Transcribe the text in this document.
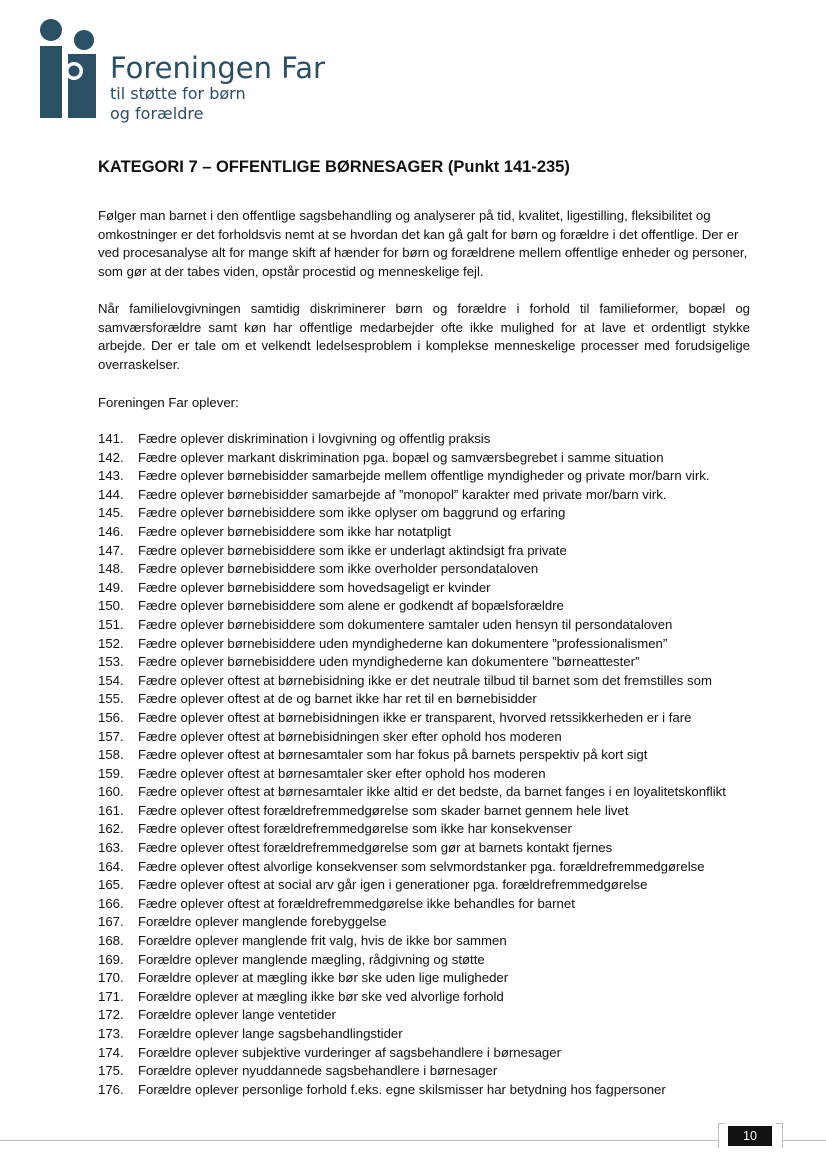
Foreningen Far
til støtte for børn
og forældre
KATEGORI 7 – OFFENTLIGE BØRNESAGER (Punkt 141-235)

Følger man barnet i den offentlige sagsbehandling og analyserer på tid, kvalitet, ligestilling, fleksibilitet og omkostninger er det forholdsvis nemt at se hvordan det kan gå galt for børn og forældre i det offentlige. Der er ved procesanalyse alt for mange skift af hænder for børn og forældrene mellem offentlige enheder og personer, som gør at der tabes viden, opstår procestid og menneskelige fejl.

Når familielovgivningen samtidig diskriminerer børn og forældre i forhold til familieformer, bopæl og samværsforældre samt køn har offentlige medarbejder ofte ikke mulighed for at lave et ordentligt stykke arbejde. Der er tale om et velkendt ledelsesproblem i komplekse menneskelige processer med forudsigelige overraskelser.

Foreningen Far oplever:

141.	Fædre oplever diskrimination i lovgivning og offentlig praksis
142.	Fædre oplever markant diskrimination pga. bopæl og samværsbegrebet i samme situation
143.	Fædre oplever børnebisidder samarbejde mellem offentlige myndigheder og private mor/barn virk.
144.	Fædre oplever børnebisidder samarbejde af ”monopol” karakter med private mor/barn virk.
145.	Fædre oplever børnebisiddere som ikke oplyser om baggrund og erfaring
146.	Fædre oplever børnebisiddere som ikke har notatpligt
147.	Fædre oplever børnebisiddere som ikke er underlagt aktindsigt fra private
148.	Fædre oplever børnebisiddere som ikke overholder persondataloven
149.	Fædre oplever børnebisiddere som hovedsageligt er kvinder
150.	Fædre oplever børnebisiddere som alene er godkendt af bopælsforældre
151.	Fædre oplever børnebisiddere som dokumentere samtaler uden hensyn til persondataloven
152.	Fædre oplever børnebisiddere uden myndighederne kan dokumentere ”professionalismen”
153.	Fædre oplever børnebisiddere uden myndighederne kan dokumentere ”børneattester”
154.	Fædre oplever oftest at børnebisidning ikke er det neutrale tilbud til barnet som det fremstilles som
155.	Fædre oplever oftest at de og barnet ikke har ret til en børnebisidder
156.	Fædre oplever oftest at børnebisidningen ikke er transparent, hvorved retssikkerheden er i fare
157.	Fædre oplever oftest at børnebisidningen sker efter ophold hos moderen
158.	Fædre oplever oftest at børnesamtaler som har fokus på barnets perspektiv på kort sigt
159.	Fædre oplever oftest at børnesamtaler sker efter ophold hos moderen
160.	Fædre oplever oftest at børnesamtaler ikke altid er det bedste, da barnet fanges i en loyalitetskonflikt
161.	Fædre oplever oftest forældrefremmedgørelse som skader barnet gennem hele livet
162.	Fædre oplever oftest forældrefremmedgørelse som ikke har konsekvenser
163.	Fædre oplever oftest forældrefremmedgørelse som gør at barnets kontakt fjernes
164.	Fædre oplever oftest alvorlige konsekvenser som selvmordstanker pga. forældrefremmedgørelse
165.	Fædre oplever oftest at social arv går igen i generationer pga. forældrefremmedgørelse
166.	Fædre oplever oftest at forældrefremmedgørelse ikke behandles for barnet
167.	Forældre oplever manglende forebyggelse
168.	Forældre oplever manglende frit valg, hvis de ikke bor sammen
169.	Forældre oplever manglende mægling, rådgivning og støtte
170.	Forældre oplever at mægling ikke bør ske uden lige muligheder
171.	Forældre oplever at mægling ikke bør ske ved alvorlige forhold
172.	Forældre oplever lange ventetider
173.	Forældre oplever lange sagsbehandlingstider
174.	Forældre oplever subjektive vurderinger af sagsbehandlere i børnesager
175.	Forældre oplever nyuddannede sagsbehandlere i børnesager
176.	Forældre oplever personlige forhold f.eks. egne skilsmisser har betydning hos fagpersoner
10
